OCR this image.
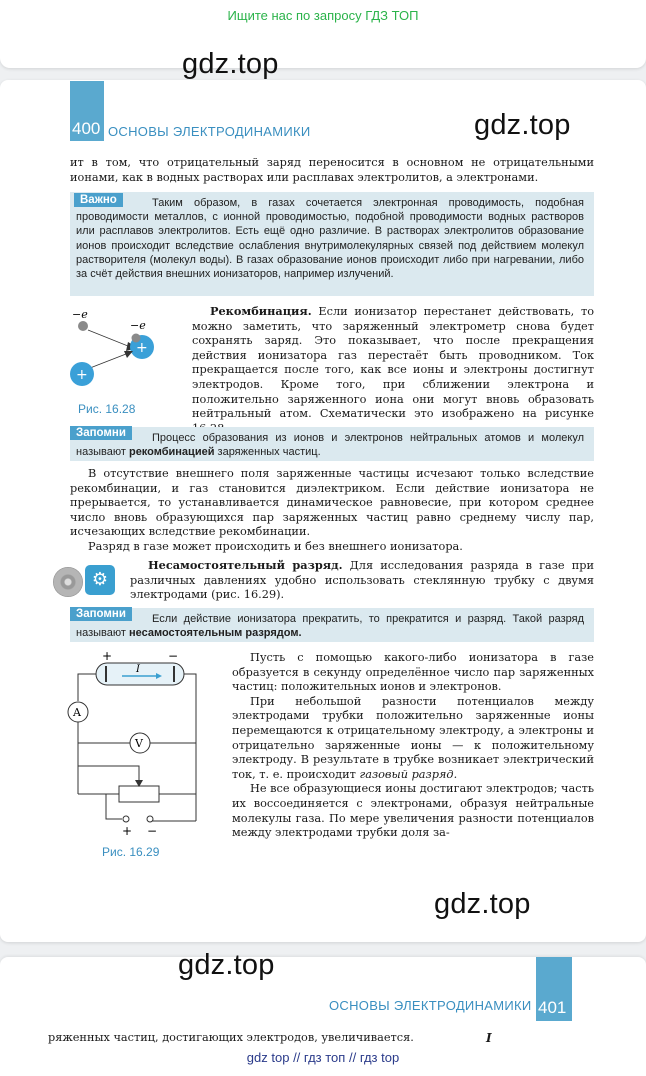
Ищите нас по запросу ГДЗ ТОП
400 ОСНОВЫ ЭЛЕКТРОДИНАМИКИ
ит в том, что отрицательный заряд переносится в основном не отрицательными ионами, как в водных растворах или расплавах электролитов, а электронами.
Таким образом, в газах сочетается электронная проводимость, подобная проводимости металлов, с ионной проводимостью, подобной проводимости водных растворов или расплавов электролитов. Есть ещё одно различие. В растворах электролитов образование ионов происходит вследствие ослабления внутримолекулярных связей под действием молекул растворителя (молекул воды). В газах образование ионов происходит либо при нагревании, либо за счёт действия внешних ионизаторов, например излучений.
Важно
−e
−e
+
+
Рис. 16.28

Рекомбинация. Если ионизатор перестанет действовать, то можно заметить, что заряженный электрометр снова будет сохранять заряд. Это показывает, что после прекращения действия ионизатора газ перестаёт быть проводником. Ток прекращается после того, как все ионы и электроны достигнут электродов. Кроме того, при сближении электрона и положительно заряженного иона они могут вновь образовать нейтральный атом. Схематически это изображено на рисунке

Процесс образования из ионов и электронов нейтральных атомов и молекул называют рекомбинацией заряженных частиц.
Запомни

В отсутствие внешнего поля заряженные частицы исчезают только вследствие рекомбинации, и газ становится диэлектриком. Если действие ионизатора не прерывается, то устанавливается динамическое равновесие, при котором среднее число вновь образующихся пар заряженных частиц равно среднему числу пар, исчезающих вследствие рекомбинации.

Разряд в газе может происходить и без внешнего ионизатора.

⚙

Несамостоятельный разряд. Для исследования разряда в газе при различных давлениях удобно использовать стеклянную трубку с двумя электродами (рис. 16.29).

Если действие ионизатора прекратить, то прекратится и разряд. Такой разряд называют несамостоятельным разрядом.
Запомни
+	−
I
A
V
+ −
Рис. 16.29

Пусть с помощью какого-либо ионизатора в газе образуется в секунду определённое число пар заряженных частиц: положительных ионов и электронов.

При небольшой разности потенциалов между электродами трубки положительно заряженные ионы перемещаются к отрицательному электроду, а электроны и отрицательно заряженные ионы — к положительному электроду. В результате в трубке возникает электрический ток, т. е. происходит газовый разряд.

Не все образующиеся ионы достигают электродов; часть их воссоединяется с электронами, образуя нейтральные молекулы газа. По мере увеличения разности потенциалов между электродами трубки доля за-

ОСНОВЫ ЭЛЕКТРОДИНАМИКИ 401
ряженных частиц, достигающих электродов, увеличивается.	I
gdz.top
gdz.top
gdz.top
gdz.top
gdz top // гдз топ // гдз top
